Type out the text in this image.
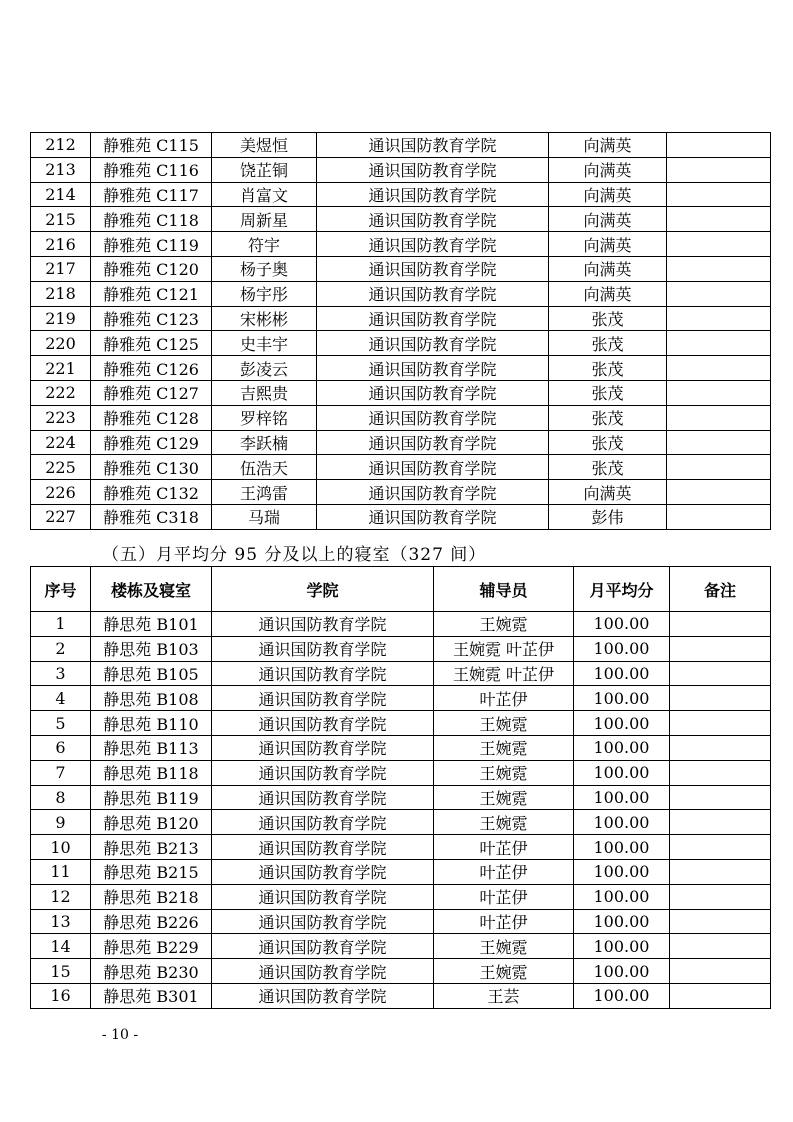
212	静雅苑 C115	美煜恒	通识国防教育学院	向满英	
213	静雅苑 C116	饶芷铜	通识国防教育学院	向满英	
214	静雅苑 C117	肖富文	通识国防教育学院	向满英	
215	静雅苑 C118	周新星	通识国防教育学院	向满英	
216	静雅苑 C119	符宇	通识国防教育学院	向满英	
217	静雅苑 C120	杨子奥	通识国防教育学院	向满英	
218	静雅苑 C121	杨宇彤	通识国防教育学院	向满英	
219	静雅苑 C123	宋彬彬	通识国防教育学院	张茂	
220	静雅苑 C125	史丰宇	通识国防教育学院	张茂	
221	静雅苑 C126	彭凌云	通识国防教育学院	张茂	
222	静雅苑 C127	吉熙贵	通识国防教育学院	张茂	
223	静雅苑 C128	罗梓铭	通识国防教育学院	张茂	
224	静雅苑 C129	李跃楠	通识国防教育学院	张茂	
225	静雅苑 C130	伍浩天	通识国防教育学院	张茂	
226	静雅苑 C132	王鸿雷	通识国防教育学院	向满英	
227	静雅苑 C318	马瑞	通识国防教育学院	彭伟	
（五）月平均分 95 分及以上的寝室（327 间）
序号	楼栋及寝室	学院	辅导员	月平均分	备注
1	静思苑 B101	通识国防教育学院	王婉霓	100.00	
2	静思苑 B103	通识国防教育学院	王婉霓 叶芷伊	100.00	
3	静思苑 B105	通识国防教育学院	王婉霓 叶芷伊	100.00	
4	静思苑 B108	通识国防教育学院	叶芷伊	100.00	
5	静思苑 B110	通识国防教育学院	王婉霓	100.00	
6	静思苑 B113	通识国防教育学院	王婉霓	100.00	
7	静思苑 B118	通识国防教育学院	王婉霓	100.00	
8	静思苑 B119	通识国防教育学院	王婉霓	100.00	
9	静思苑 B120	通识国防教育学院	王婉霓	100.00	
10	静思苑 B213	通识国防教育学院	叶芷伊	100.00	
11	静思苑 B215	通识国防教育学院	叶芷伊	100.00	
12	静思苑 B218	通识国防教育学院	叶芷伊	100.00	
13	静思苑 B226	通识国防教育学院	叶芷伊	100.00	
14	静思苑 B229	通识国防教育学院	王婉霓	100.00	
15	静思苑 B230	通识国防教育学院	王婉霓	100.00	
16	静思苑 B301	通识国防教育学院	王芸	100.00	
- 10 -
